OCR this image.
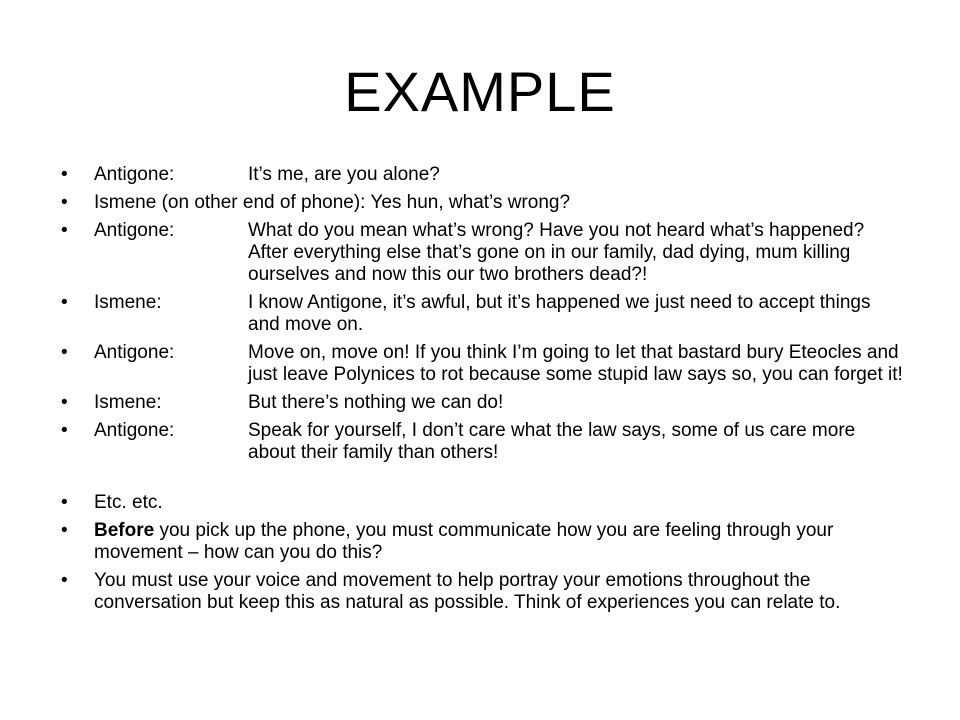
EXAMPLE
• Antigone:	It’s me, are you alone?
• Ismene (on other end of phone): Yes hun, what’s wrong?
• Antigone:	What do you mean what’s wrong? Have you not heard what’s happened? After everything else that’s gone on in our family, dad dying, mum killing ourselves and now this our two brothers dead?!
• Ismene:	I know Antigone, it’s awful, but it’s happened we just need to accept things and move on.
• Antigone:	Move on, move on! If you think I’m going to let that bastard bury Eteocles and just leave Polynices to rot because some stupid law says so, you can forget it!
• Ismene:	But there’s nothing we can do!
• Antigone:	Speak for yourself, I don’t care what the law says, some of us care more about their family than others!
• Etc. etc.
• Before you pick up the phone, you must communicate how you are feeling through your movement – how can you do this?
• You must use your voice and movement to help portray your emotions throughout the conversation but keep this as natural as possible. Think of experiences you can relate to.
